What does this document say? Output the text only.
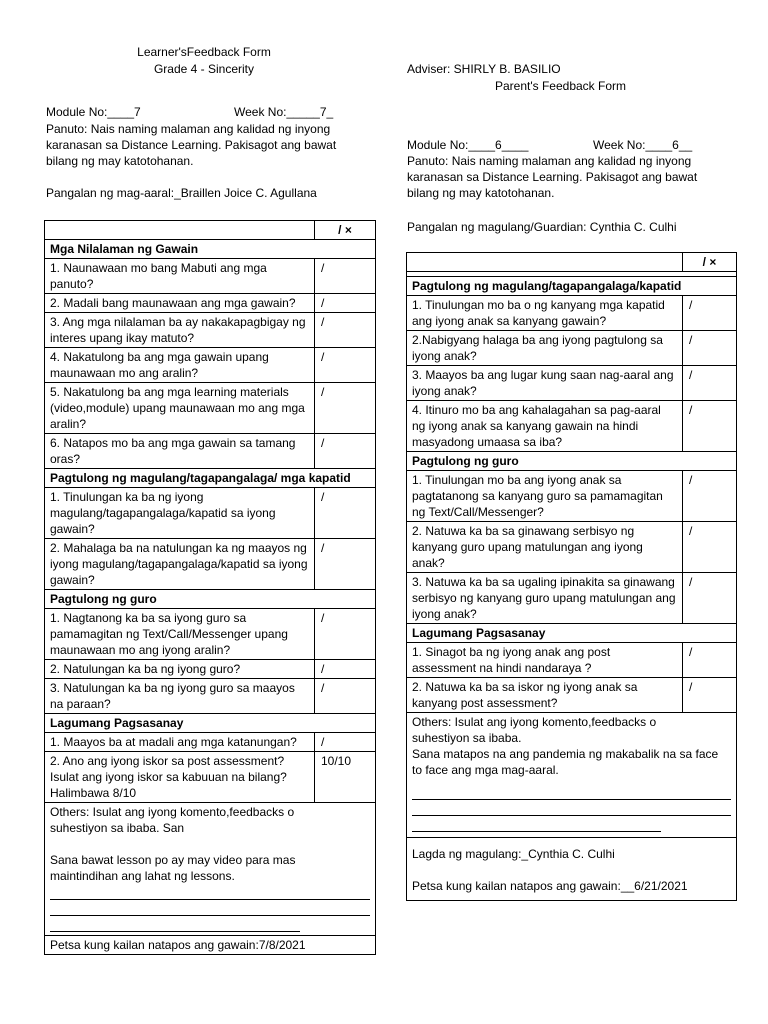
Learner'sFeedback Form
Grade 4 - Sincerity
Module No:____7	Week No:_____7_
Panuto: Nais naming malaman ang kalidad ng inyong
karanasan sa Distance Learning. Pakisagot ang bawat
bilang ng may katotohanan.
Pangalan ng mag-aaral:_Braillen Joice C. Agullana
	/ ×
Mga Nilalaman ng Gawain	
1. Naunawaan mo bang Mabuti ang mga panuto?	/
2. Madali bang maunawaan ang mga gawain?	/
3. Ang mga nilalaman ba ay nakakapagbigay ng interes upang ikay matuto?	/
4. Nakatulong ba ang mga gawain upang maunawaan mo ang aralin?	/
5. Nakatulong ba ang mga learning materials (video,module) upang maunawaan mo ang mga aralin?	/
6. Natapos mo ba ang mga gawain sa tamang oras?	/
Pagtulong ng magulang/tagapangalaga/ mga kapatid	
1. Tinulungan ka ba ng iyong magulang/tagapangalaga/kapatid sa iyong gawain?	/
2. Mahalaga ba na natulungan ka ng maayos ng iyong magulang/tagapangalaga/kapatid sa iyong gawain?	/
Pagtulong ng guro	
1. Nagtanong ka ba sa iyong guro sa pamamagitan ng Text/Call/Messenger upang maunawaan mo ang iyong aralin?	/
2. Natulungan ka ba ng iyong guro?	/
3. Natulungan ka ba ng iyong guro sa maayos na paraan?	/
Lagumang Pagsasanay	
1. Maayos ba at madali ang mga katanungan?	/
2. Ano ang iyong iskor sa post assessment? Isulat ang iyong iskor sa kabuuan na bilang? Halimbawa 8/10	10/10

Others: Isulat ang iyong komento,feedbacks o
suhestiyon sa ibaba. San
Sana bawat lesson po ay may video para mas maintindihan ang lahat ng lessons.	

Petsa kung kailan natapos ang gawain:7/8/2021	
Adviser: SHIRLY B. BASILIO
Parent's Feedback Form
Module No:____6____	Week No:____6__
Panuto: Nais naming malaman ang kalidad ng inyong
karanasan sa Distance Learning. Pakisagot ang bawat
bilang ng may katotohanan.
Pangalan ng magulang/Guardian: Cynthia C. Culhi
	/ ×

Pagtulong ng magulang/tagapangalaga/kapatid	
1. Tinulungan mo ba o ng kanyang mga kapatid ang iyong anak sa kanyang gawain?	/
2.Nabigyang halaga ba ang iyong pagtulong sa iyong anak?	/
3. Maayos ba ang lugar kung saan nag-aaral ang iyong anak?	/
4. Itinuro mo ba ang kahalagahan sa pag-aaral ng iyong anak sa kanyang gawain na hindi masyadong umaasa sa iba?	/
Pagtulong ng guro	
1. Tinulungan mo ba ang iyong anak sa pagtatanong sa kanyang guro sa pamamagitan ng Text/Call/Messenger?	/
2. Natuwa ka ba sa ginawang serbisyo ng kanyang guro upang matulungan ang iyong anak?	/
3. Natuwa ka ba sa ugaling ipinakita sa ginawang serbisyo ng kanyang guro upang matulungan ang iyong anak?	/
Lagumang Pagsasanay	
1. Sinagot ba ng iyong anak ang post assessment na hindi nandaraya ?	/
2. Natuwa ka ba sa iskor ng iyong anak sa kanyang post assessment?	/

Others: Isulat ang iyong komento,feedbacks o
suhestiyon sa ibaba.
Sana matapos na ang pandemia ng makabalik na sa face to face ang mga mag-aaral.	

Lagda ng magulang:_Cynthia C. Culhi
Petsa kung kailan natapos ang gawain:__6/21/2021	
